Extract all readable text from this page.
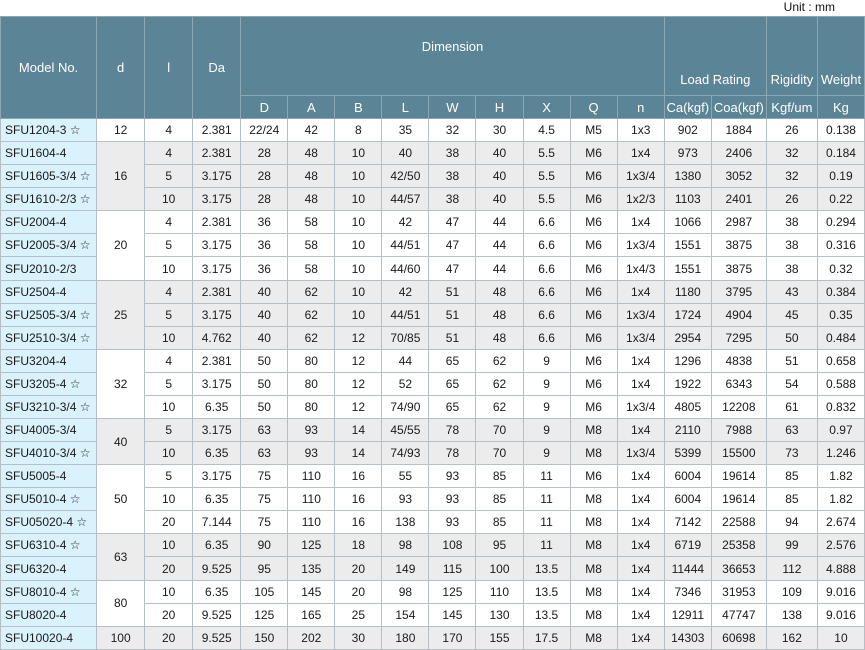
Unit : mm
Model No.	d	l	Da	Dimension									Load Rating		Rigidity	Weight
				D	A	B	L	W	H	X	Q	n	Ca(kgf)	Coa(kgf)	Kgf/um	Kg
SFU1204-3 ☆	12	4	2.381	22/24	42	8	35	32	30	4.5	M5	1x3	902	1884	26	0.138
SFU1604-4	16	4	2.381	28	48	10	40	38	40	5.5	M6	1x4	973	2406	32	0.184
SFU1605-3/4 ☆		5	3.175	28	48	10	42/50	38	40	5.5	M6	1x3/4	1380	3052	32	0.19
SFU1610-2/3 ☆		10	3.175	28	48	10	44/57	38	40	5.5	M6	1x2/3	1103	2401	26	0.22
SFU2004-4	20	4	2.381	36	58	10	42	47	44	6.6	M6	1x4	1066	2987	38	0.294
SFU2005-3/4 ☆		5	3.175	36	58	10	44/51	47	44	6.6	M6	1x3/4	1551	3875	38	0.316
SFU2010-2/3		10	3.175	36	58	10	44/60	47	44	6.6	M6	1x4/3	1551	3875	38	0.32
SFU2504-4	25	4	2.381	40	62	10	42	51	48	6.6	M6	1x4	1180	3795	43	0.384
SFU2505-3/4 ☆		5	3.175	40	62	10	44/51	51	48	6.6	M6	1x3/4	1724	4904	45	0.35
SFU2510-3/4 ☆		10	4.762	40	62	12	70/85	51	48	6.6	M6	1x3/4	2954	7295	50	0.484
SFU3204-4	32	4	2.381	50	80	12	44	65	62	9	M6	1x4	1296	4838	51	0.658
SFU3205-4 ☆		5	3.175	50	80	12	52	65	62	9	M6	1x4	1922	6343	54	0.588
SFU3210-3/4 ☆		10	6.35	50	80	12	74/90	65	62	9	M6	1x3/4	4805	12208	61	0.832
SFU4005-3/4	40	5	3.175	63	93	14	45/55	78	70	9	M8	1x4	2110	7988	63	0.97
SFU4010-3/4 ☆		10	6.35	63	93	14	74/93	78	70	9	M8	1x3/4	5399	15500	73	1.246
SFU5005-4	50	5	3.175	75	110	16	55	93	85	11	M6	1x4	6004	19614	85	1.82
SFU5010-4 ☆		10	6.35	75	110	16	93	93	85	11	M8	1x4	6004	19614	85	1.82
SFU05020-4 ☆		20	7.144	75	110	16	138	93	85	11	M8	1x4	7142	22588	94	2.674
SFU6310-4 ☆	63	10	6.35	90	125	18	98	108	95	11	M8	1x4	6719	25358	99	2.576
SFU6320-4		20	9.525	95	135	20	149	115	100	13.5	M8	1x4	11444	36653	112	4.888
SFU8010-4 ☆	80	10	6.35	105	145	20	98	125	110	13.5	M8	1x4	7346	31953	109	9.016
SFU8020-4		20	9.525	125	165	25	154	145	130	13.5	M8	1x4	12911	47747	138	9.016
SFU10020-4	100	20	9.525	150	202	30	180	170	155	17.5	M8	1x4	14303	60698	162	10
